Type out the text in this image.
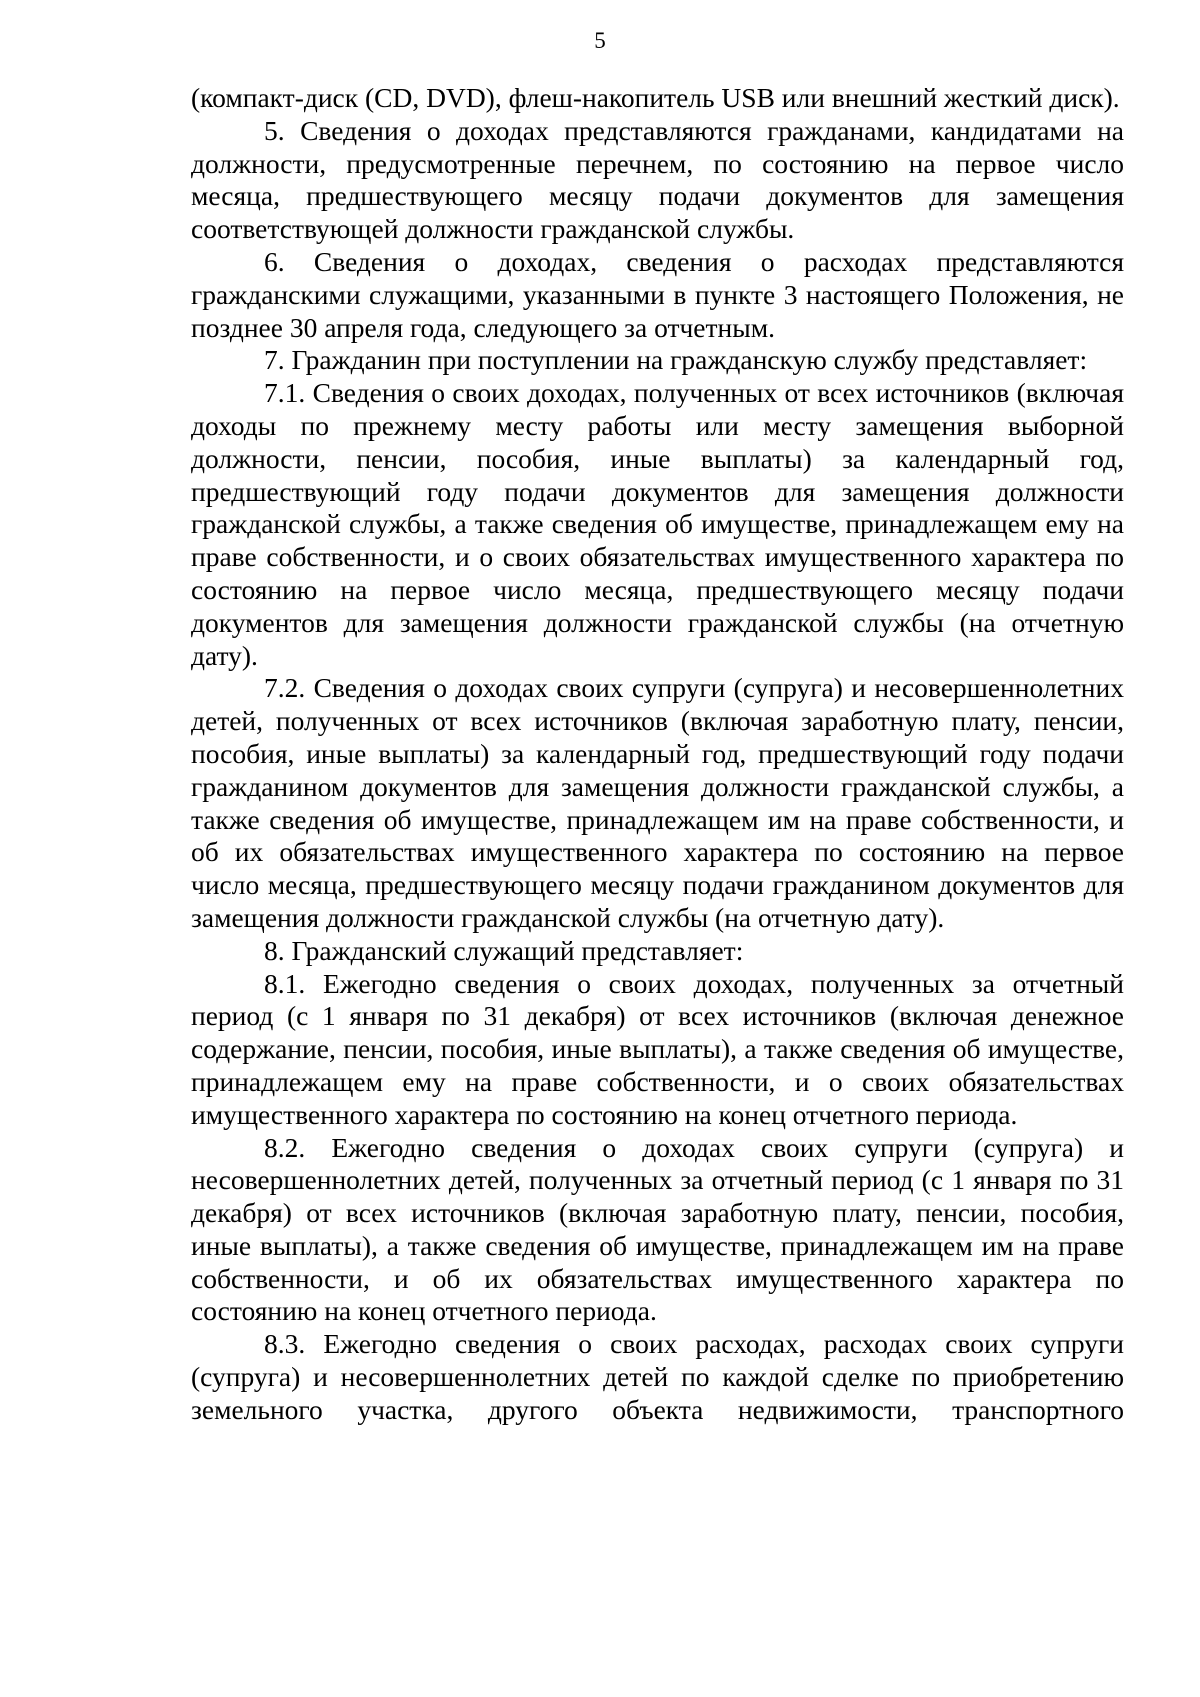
5

(компакт-диск (CD, DVD), флеш-накопитель USB или внешний жесткий диск).

5. Сведения о доходах представляются гражданами, кандидатами на должности, предусмотренные перечнем, по состоянию на первое число месяца, предшествующего месяцу подачи документов для замещения соответствующей должности гражданской службы.

6. Сведения о доходах, сведения о расходах представляются гражданскими служащими, указанными в пункте 3 настоящего Положения, не позднее 30 апреля года, следующего за отчетным.

7. Гражданин при поступлении на гражданскую службу представляет:

7.1. Сведения о своих доходах, полученных от всех источников (включая доходы по прежнему месту работы или месту замещения выборной должности, пенсии, пособия, иные выплаты) за календарный год, предшествующий году подачи документов для замещения должности гражданской службы, а также сведения об имуществе, принадлежащем ему на праве собственности, и о своих обязательствах имущественного характера по состоянию на первое число месяца, предшествующего месяцу подачи документов для замещения должности гражданской службы (на отчетную дату).

7.2. Сведения о доходах своих супруги (супруга) и несовершеннолетних детей, полученных от всех источников (включая заработную плату, пенсии, пособия, иные выплаты) за календарный год, предшествующий году подачи гражданином документов для замещения должности гражданской службы, а также сведения об имуществе, принадлежащем им на праве собственности, и об их обязательствах имущественного характера по состоянию на первое число месяца, предшествующего месяцу подачи гражданином документов для замещения должности гражданской службы (на отчетную дату).

8. Гражданский служащий представляет:

8.1. Ежегодно сведения о своих доходах, полученных за отчетный период (с 1 января по 31 декабря) от всех источников (включая денежное содержание, пенсии, пособия, иные выплаты), а также сведения об имуществе, принадлежащем ему на праве собственности, и о своих обязательствах имущественного характера по состоянию на конец отчетного периода.

8.2. Ежегодно сведения о доходах своих супруги (супруга) и несовершеннолетних детей, полученных за отчетный период (с 1 января по 31 декабря) от всех источников (включая заработную плату, пенсии, пособия, иные выплаты), а также сведения об имуществе, принадлежащем им на праве собственности, и об их обязательствах имущественного характера по состоянию на конец отчетного периода.

8.3. Ежегодно сведения о своих расходах, расходах своих супруги (супруга) и несовершеннолетних детей по каждой сделке по приобретению земельного участка, другого объекта недвижимости, транспортного
